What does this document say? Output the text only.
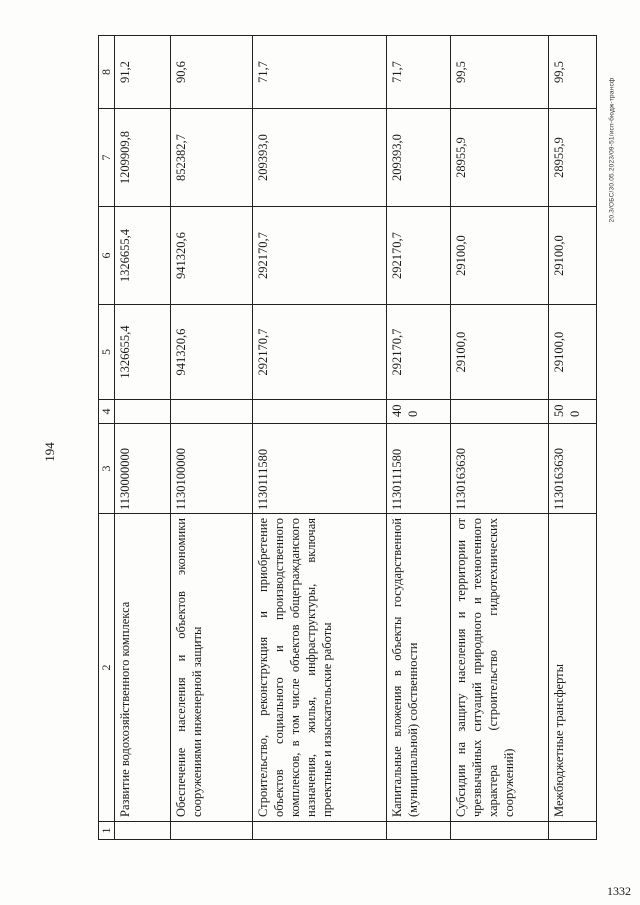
194
20.3/ОБС/30.05.2023/09-51/исп-бюдж-трансф
1332
1	2	3	4	5	6	7	8
	Развитие водохозяйственного комплекса	1130000000		1326655,4	1326655,4	1209909,8	91,2
	Обеспечение населения и объектов экономики сооружениями инженерной защиты	1130100000		941320,6	941320,6	852382,7	90,6
	Строительство, реконструкция и приобретение объектов социального и производственного комплексов, в том числе объектов общегражданского назначения, жилья, инфраструктуры, включая проектные и изыскательские работы	1130111580		292170,7	292170,7	209393,0	71,7
	Капитальные вложения в объекты государственной (муниципальной) собственности	1130111580	400	292170,7	292170,7	209393,0	71,7
	Субсидии на защиту населения и территории от чрезвычайных ситуаций природного и техногенного характера (строительство гидротехнических сооружений)	1130163630		29100,0	29100,0	28955,9	99,5
	Межбюджетные трансферты	1130163630	500	29100,0	29100,0	28955,9	99,5
